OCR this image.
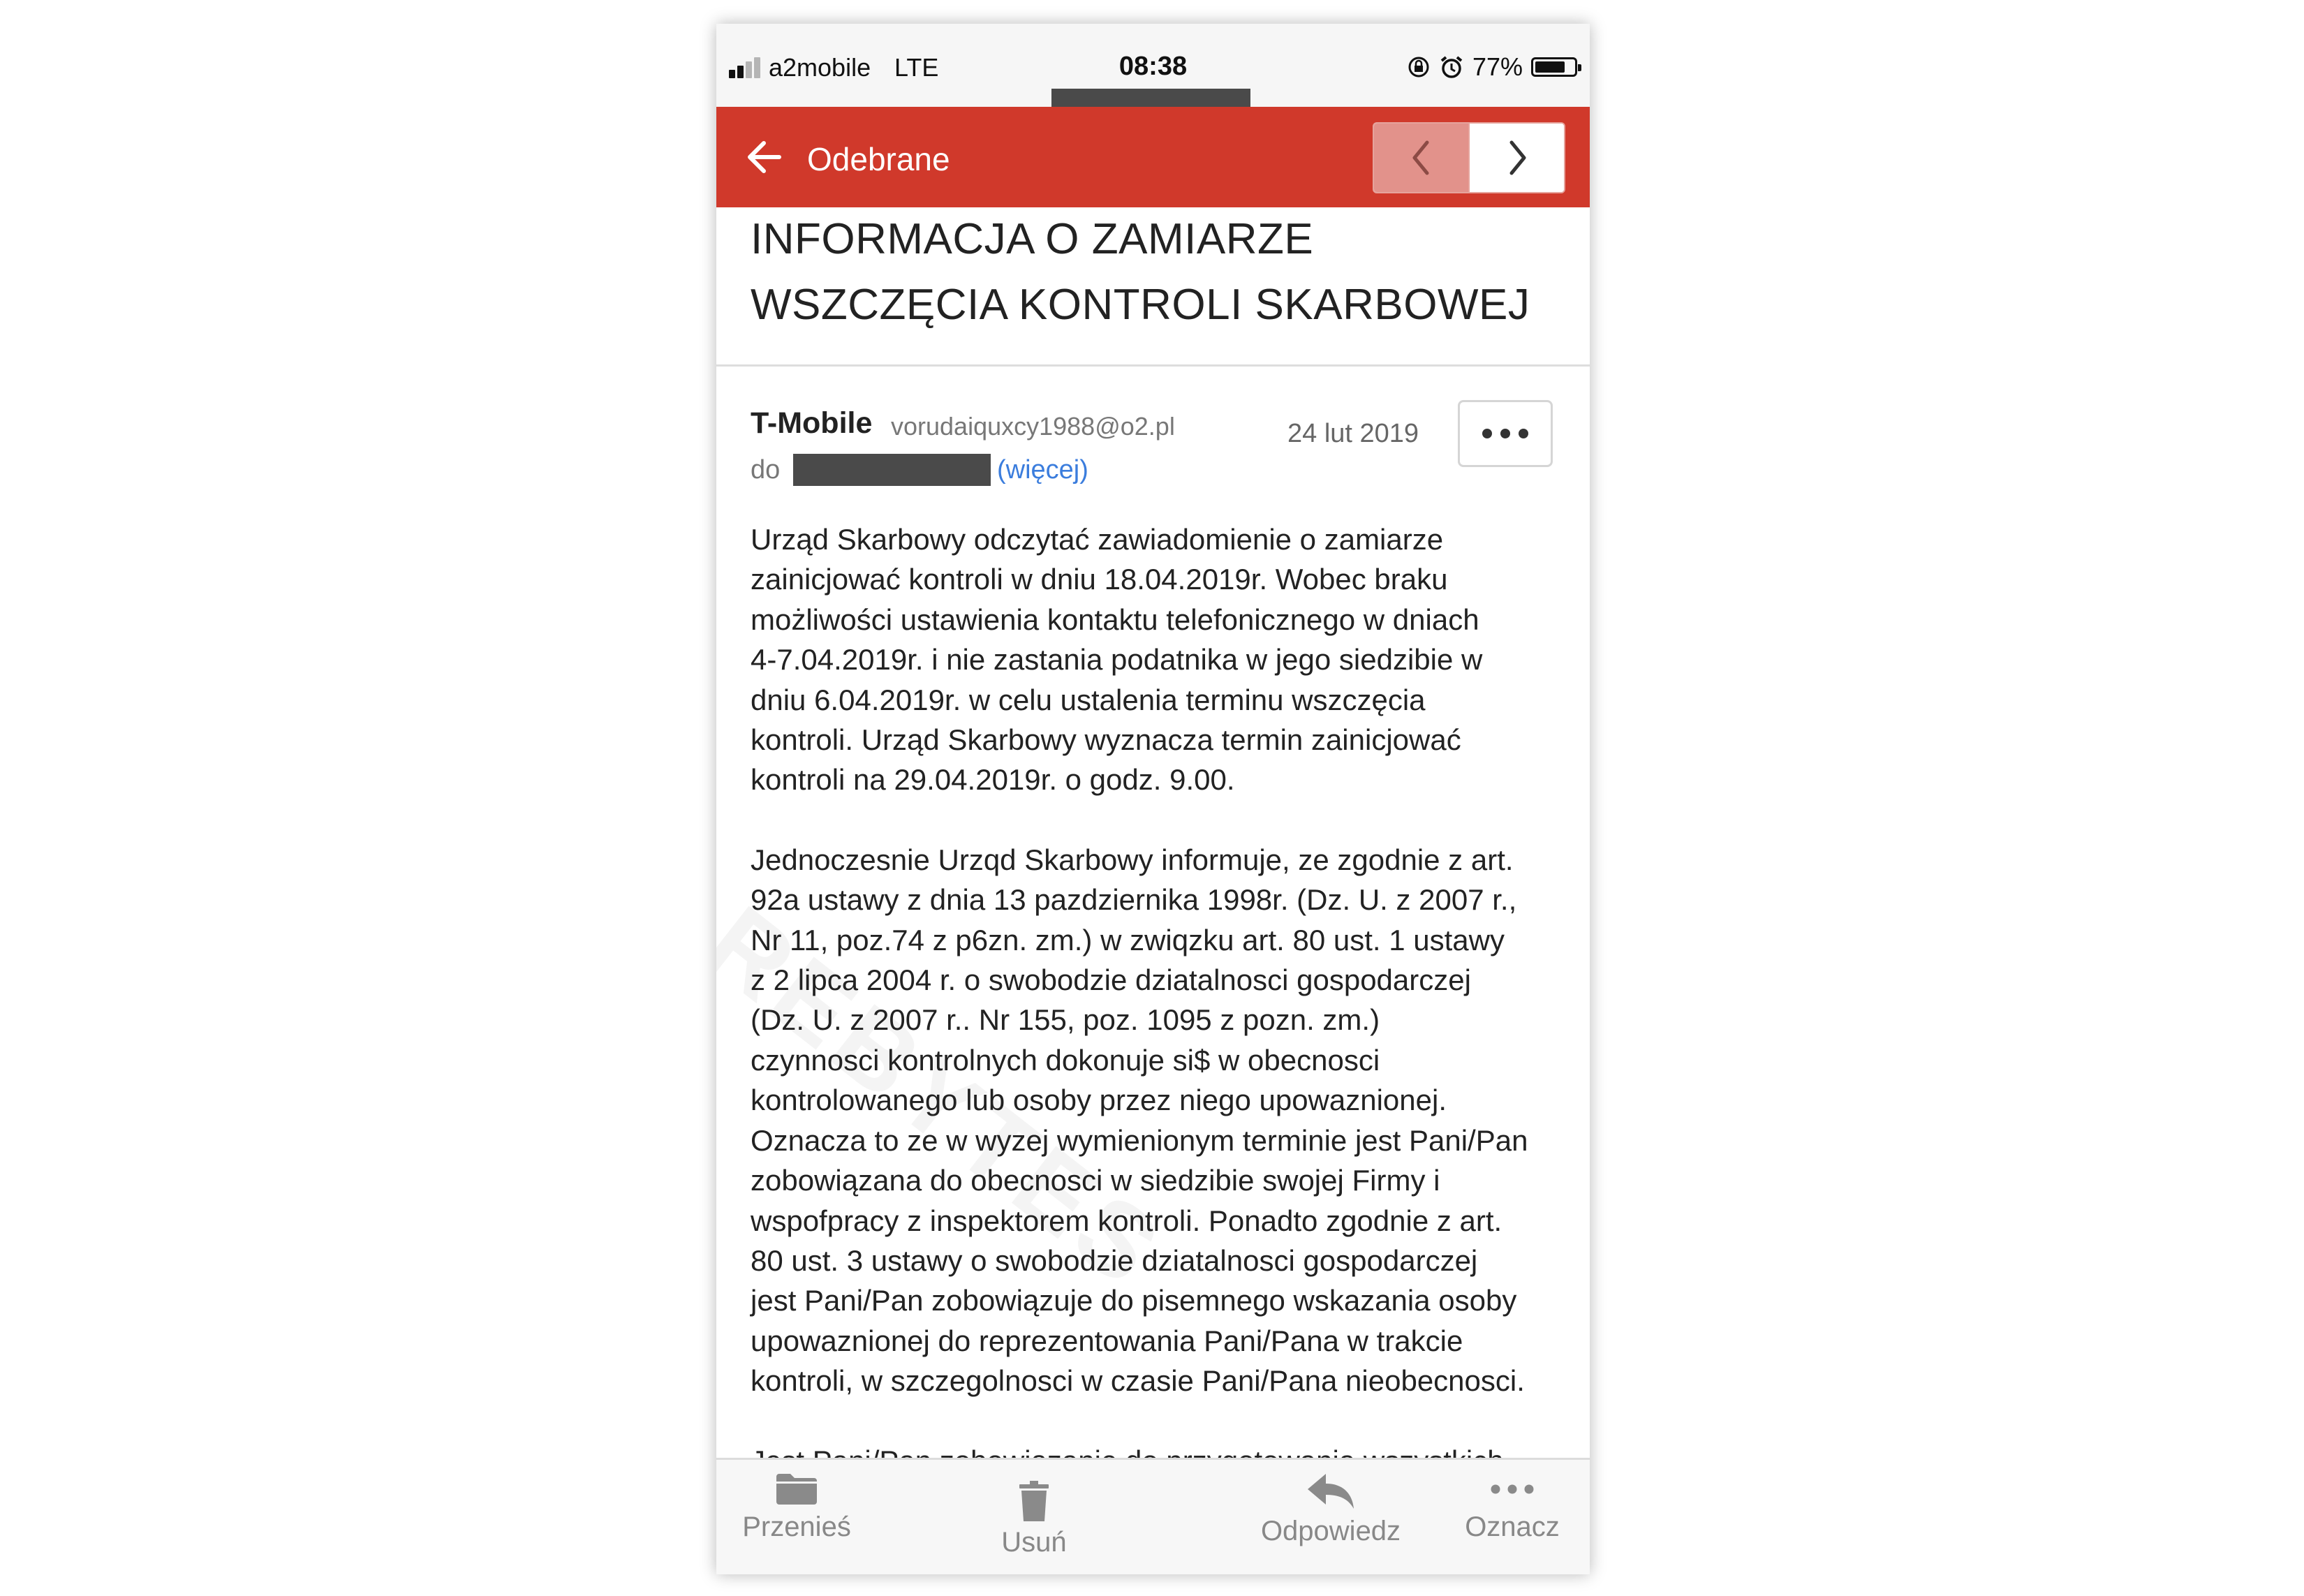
a2mobile LTE	08:38	77%
Odebrane
INFORMACJA O ZAMIARZE WSZCZĘCIA KONTROLI SKARBOWEJ
T-Mobile vorudaiquxcy1988@o2.pl	24 lut 2019
do	(więcej)

Urząd Skarbowy odczytać zawiadomienie o zamiarze
zainicjować kontroli w dniu 18.04.2019r. Wobec braku
możliwości ustawienia kontaktu telefonicznego w dniach
4-7.04.2019r. i nie zastania podatnika w jego siedzibie w
dniu 6.04.2019r. w celu ustalenia terminu wszczęcia
kontroli. Urząd Skarbowy wyznacza termin zainicjować
kontroli na 29.04.2019r. o godz. 9.00.

Jednoczesnie Urzqd Skarbowy informuje, ze zgodnie z art.
92a ustawy z dnia 13 pazdziernika 1998r. (Dz. U. z 2007 r.,
Nr 11, poz.74 z p6zn. zm.) w zwiqzku art. 80 ust. 1 ustawy
z 2 lipca 2004 r. o swobodzie dziatalnosci gospodarczej
(Dz. U. z 2007 r.. Nr 155, poz. 1095 z pozn. zm.)
czynnosci kontrolnych dokonuje si$ w obecnosci
kontrolowanego lub osoby przez niego upowaznionej.
Oznacza to ze w wyzej wymienionym terminie jest Pani/Pan
zobowiązana do obecnosci w siedzibie swojej Firmy i
wspofpracy z inspektorem kontroli. Ponadto zgodnie z art.
80 ust. 3 ustawy o swobodzie dziatalnosci gospodarczej
jest Pani/Pan zobowiązuje do pisemnego wskazania osoby
upowaznionej do reprezentowania Pani/Pana w trakcie
kontroli, w szczegolnosci w czasie Pani/Pana nieobecnosci.

Przenieś	Usuń	Odpowiedz	Oznacz
